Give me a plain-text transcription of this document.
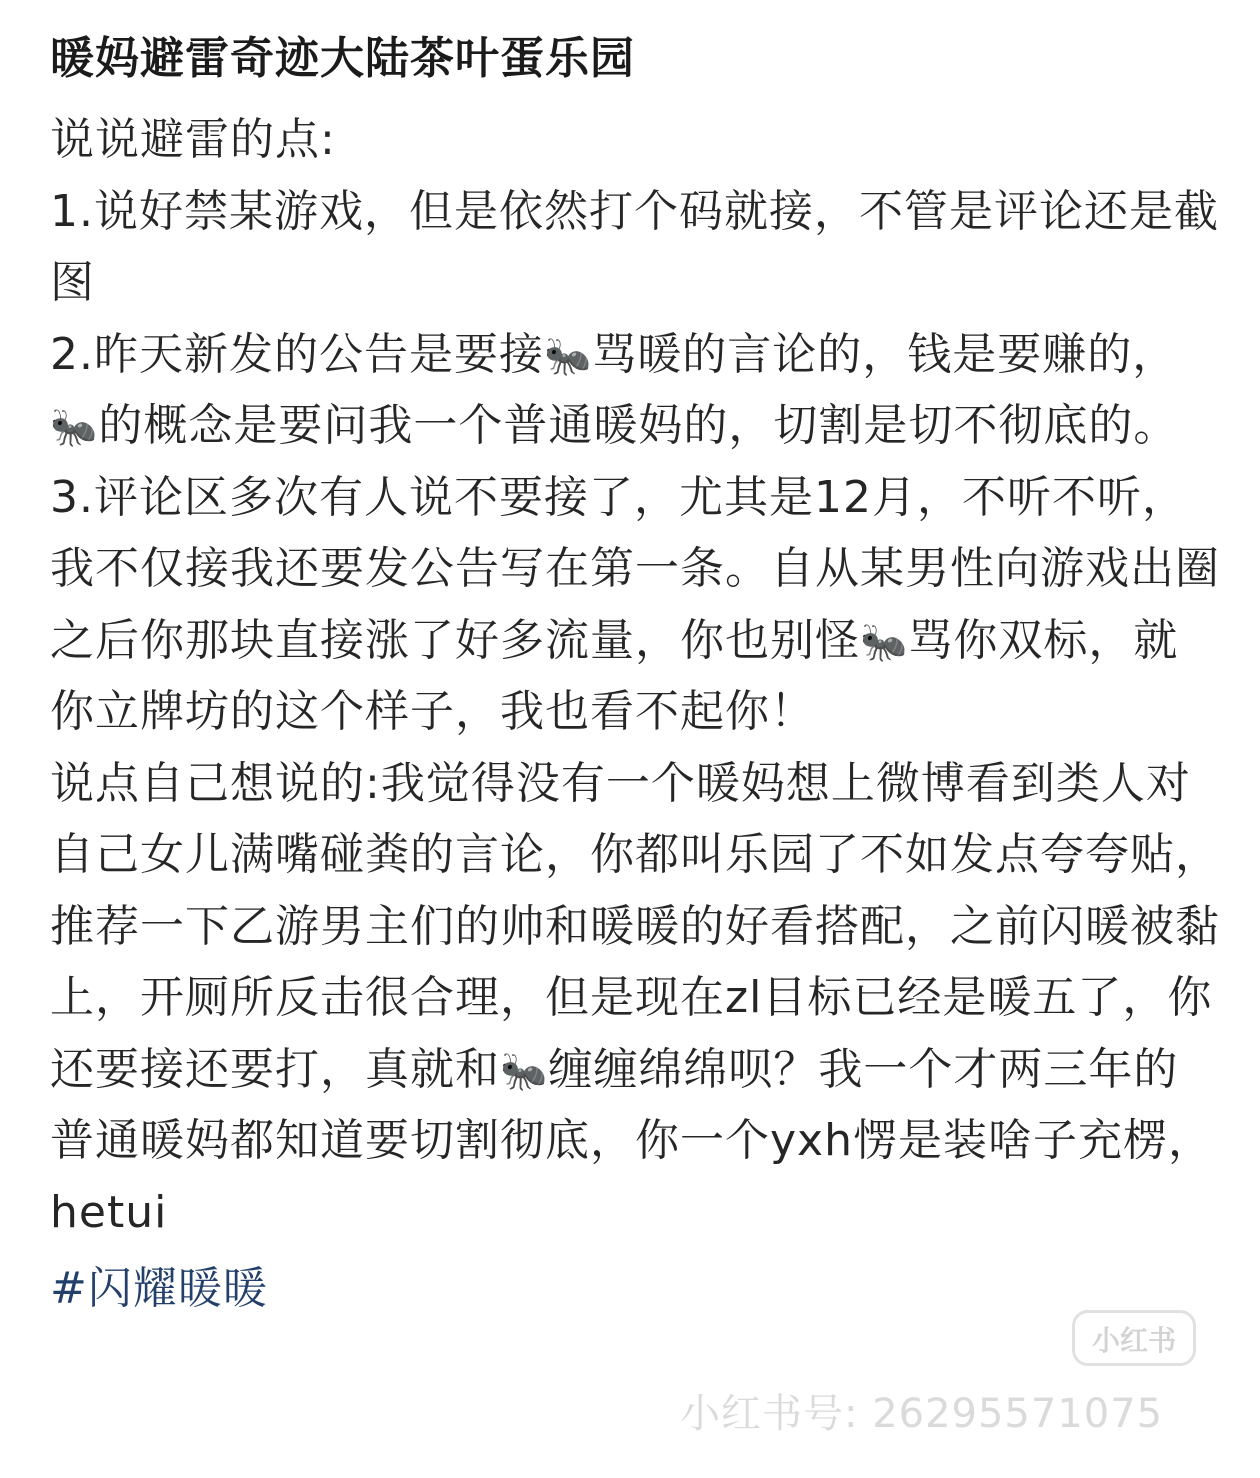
暖妈避雷奇迹大陆茶叶蛋乐园

说说避雷的点:

1.说好禁某游戏，但是依然打个码就接，不管是评论还是截图

2.昨天新发的公告是要接🐜骂暖的言论的，钱是要赚的，🐜的概念是要问我一个普通暖妈的，切割是切不彻底的。

3.评论区多次有人说不要接了，尤其是12月，不听不听，我不仅接我还要发公告写在第一条。自从某男性向游戏出圈之后你那块直接涨了好多流量，你也别怪🐜骂你双标，就你立牌坊的这个样子，我也看不起你！

说点自己想说的:我觉得没有一个暖妈想上微博看到类人对自己女儿满嘴碰粪的言论，你都叫乐园了不如发点夸夸贴，推荐一下乙游男主们的帅和暖暖的好看搭配，之前闪暖被黏上，开厕所反击很合理，但是现在zl目标已经是暖五了，你还要接还要打，真就和🐜缠缠绵绵呗？我一个才两三年的普通暖妈都知道要切割彻底，你一个yxh愣是装啥子充楞，hetui

#闪耀暖暖
小红书
小红书号: 26295571075
